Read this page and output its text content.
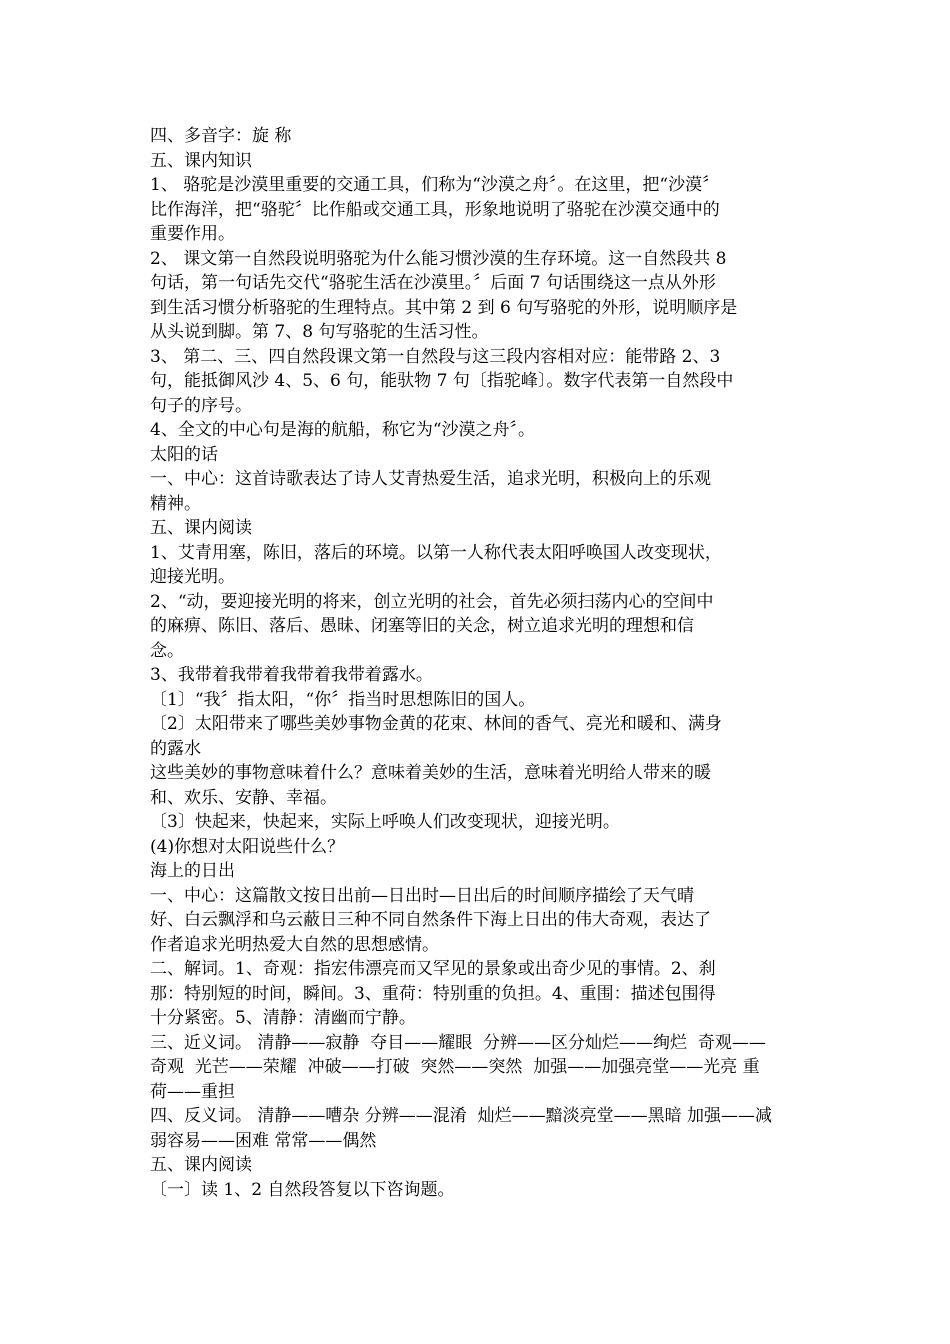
四、多音字：旋 称

五、课内知识

1、 骆驼是沙漠里重要的交通工具，们称为“沙漠之舟〞。在这里，把“沙漠〞

比作海洋，把“骆驼〞比作船或交通工具，形象地说明了骆驼在沙漠交通中的

重要作用。

2、 课文第一自然段说明骆驼为什么能习惯沙漠的生存环境。这一自然段共 8

句话，第一句话先交代“骆驼生活在沙漠里。〞后面 7 句话围绕这一点从外形

到生活习惯分析骆驼的生理特点。其中第 2 到 6 句写骆驼的外形，说明顺序是

从头说到脚。第 7、8 句写骆驼的生活习性。

3、 第二、三、四自然段课文第一自然段与这三段内容相对应：能带路 2、3

句，能抵御风沙 4、5、6 句，能驮物 7 句〔指驼峰〕。数字代表第一自然段中

句子的序号。

4、全文的中心句是海的航船，称它为“沙漠之舟〞。

太阳的话

一、中心：这首诗歌表达了诗人艾青热爱生活，追求光明，积极向上的乐观

精神。

五、课内阅读

1、艾青用塞，陈旧，落后的环境。以第一人称代表太阳呼唤国人改变现状，

迎接光明。

2、“动，要迎接光明的将来，创立光明的社会，首先必须扫荡内心的空间中

的麻痹、陈旧、落后、愚昧、闭塞等旧的关念，树立追求光明的理想和信

念。

3、我带着我带着我带着我带着露水。

〔1〕“我〞指太阳，“你〞指当时思想陈旧的国人。

〔2〕太阳带来了哪些美妙事物金黄的花束、林间的香气、亮光和暖和、满身

的露水

这些美妙的事物意味着什么？意味着美妙的生活，意味着光明给人带来的暖

和、欢乐、安静、幸福。

〔3〕快起来，快起来，实际上呼唤人们改变现状，迎接光明。

(4)你想对太阳说些什么？

海上的日出

一、中心：这篇散文按日出前—日出时—日出后的时间顺序描绘了天气晴

好、白云飘浮和乌云蔽日三种不同自然条件下海上日出的伟大奇观，表达了

作者追求光明热爱大自然的思想感情。

二、解词。1、奇观：指宏伟漂亮而又罕见的景象或出奇少见的事情。2、刹

那：特别短的时间，瞬间。3、重荷：特别重的负担。4、重围：描述包围得

十分紧密。5、清静：清幽而宁静。

三、近义词。 清静——寂静  夺目——耀眼  分辨——区分灿烂——绚烂  奇观——

奇观  光芒——荣耀  冲破——打破  突然——突然  加强——加强亮堂——光亮 重

荷——重担

四、反义词。 清静——嘈杂 分辨——混淆  灿烂——黯淡亮堂——黑暗 加强——减

弱容易——困难 常常——偶然

五、课内阅读

〔一〕读 1、2 自然段答复以下咨询题。
